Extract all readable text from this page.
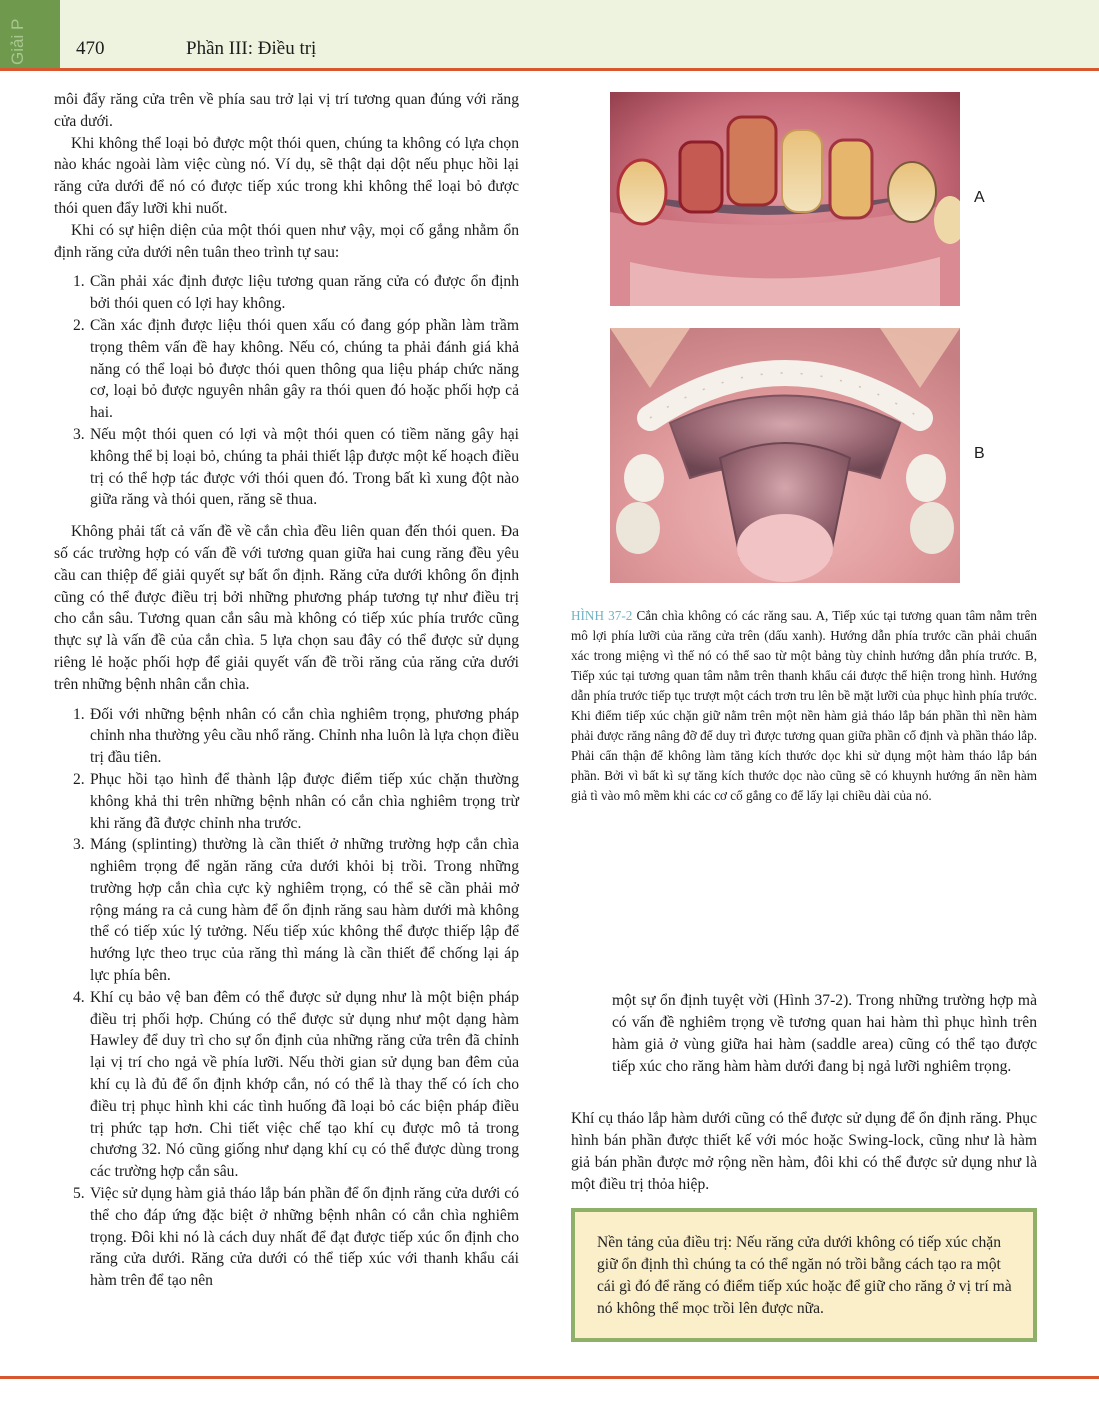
Giải P	470	Phần III: Điều trị

môi đẩy răng cửa trên về phía sau trở lại vị trí tương quan đúng với răng cửa dưới.

Khi không thể loại bỏ được một thói quen, chúng ta không có lựa chọn nào khác ngoài làm việc cùng nó. Ví dụ, sẽ thật dại dột nếu phục hồi lại răng cửa dưới để nó có được tiếp xúc trong khi không thể loại bỏ được thói quen đẩy lưỡi khi nuốt.

Khi có sự hiện diện của một thói quen như vậy, mọi cố gắng nhằm ổn định răng cửa dưới nên tuân theo trình tự sau:

1. Cần phải xác định được liệu tương quan răng cửa có được ổn định bởi thói quen có lợi hay không.
2. Cần xác định được liệu thói quen xấu có đang góp phần làm trầm trọng thêm vấn đề hay không. Nếu có, chúng ta phải đánh giá khả năng có thể loại bỏ được thói quen thông qua liệu pháp chức năng cơ, loại bỏ được nguyên nhân gây ra thói quen đó hoặc phối hợp cả hai.
3. Nếu một thói quen có lợi và một thói quen có tiềm năng gây hại không thể bị loại bỏ, chúng ta phải thiết lập được một kế hoạch điều trị có thể hợp tác được với thói quen đó. Trong bất kì xung đột nào giữa răng và thói quen, răng sẽ thua.

Không phải tất cả vấn đề về cắn chìa đều liên quan đến thói quen. Đa số các trường hợp có vấn đề với tương quan giữa hai cung răng đều yêu cầu can thiệp để giải quyết sự bất ổn định. Răng cửa dưới không ổn định cũng có thể được điều trị bởi những phương pháp tương tự như điều trị cho cắn sâu. Tương quan cắn sâu mà không có tiếp xúc phía trước cũng thực sự là vấn đề của cắn chìa. 5 lựa chọn sau đây có thể được sử dụng riêng lẻ hoặc phối hợp để giải quyết vấn đề trồi răng của răng cửa dưới trên những bệnh nhân cắn chìa.

1. Đối với những bệnh nhân có cắn chìa nghiêm trọng, phương pháp chỉnh nha thường yêu cầu nhổ răng. Chỉnh nha luôn là lựa chọn điều trị đầu tiên.
2. Phục hồi tạo hình để thành lập được điểm tiếp xúc chặn thường không khả thi trên những bệnh nhân có cắn chìa nghiêm trọng trừ khi răng đã được chỉnh nha trước.
3. Máng (splinting) thường là cần thiết ở những trường hợp cắn chìa nghiêm trọng để ngăn răng cửa dưới khỏi bị trồi. Trong những trường hợp cắn chìa cực kỳ nghiêm trọng, có thể sẽ cần phải mở rộng máng ra cả cung hàm để ổn định răng sau hàm dưới mà không thể có tiếp xúc lý tưởng. Nếu tiếp xúc không thể được thiếp lập để hướng lực theo trục của răng thì máng là cần thiết để chống lại áp lực phía bên.
4. Khí cụ bảo vệ ban đêm có thể được sử dụng như là một biện pháp điều trị phối hợp. Chúng có thể được sử dụng như một dạng hàm Hawley để duy trì cho sự ổn định của những răng cửa trên đã chỉnh lại vị trí cho ngả về phía lưỡi. Nếu thời gian sử dụng ban đêm của khí cụ là đủ để ổn định khớp cắn, nó có thể là thay thế có ích cho điều trị phục hình khi các tình huống đã loại bỏ các biện pháp điều trị phức tạp hơn. Chi tiết việc chế tạo khí cụ được mô tả trong chương 32. Nó cũng giống như dạng khí cụ có thể được dùng trong các trường hợp cắn sâu.
5. Việc sử dụng hàm giả tháo lắp bán phần để ổn định răng cửa dưới có thể cho đáp ứng đặc biệt ở những bệnh nhân có cắn chìa nghiêm trọng. Đôi khi nó là cách duy nhất để đạt được tiếp xúc ổn định cho răng cửa dưới. Răng cửa dưới có thể tiếp xúc với thanh khẩu cái hàm trên để tạo nên
A
B
HÌNH 37-2 Cắn chìa không có các răng sau. A, Tiếp xúc tại tương quan tâm nằm trên mô lợi phía lưỡi của răng cửa trên (dấu xanh). Hướng dẫn phía trước cần phải chuẩn xác trong miệng vì thế nó có thể sao từ một bảng tùy chỉnh hướng dẫn phía trước. B, Tiếp xúc tại tương quan tâm nằm trên thanh khẩu cái được thể hiện trong hình. Hướng dẫn phía trước tiếp tục trượt một cách trơn tru lên bề mặt lưỡi của phục hình phía trước. Khi điểm tiếp xúc chặn giữ nằm trên một nền hàm giả tháo lắp bán phần thì nền hàm phải được răng nâng đỡ để duy trì được tương quan giữa phần cố định và phần tháo lắp. Phải cẩn thận để không làm tăng kích thước dọc khi sử dụng một hàm tháo lắp bán phần. Bởi vì bất kì sự tăng kích thước dọc nào cũng sẽ có khuynh hướng ấn nền hàm giả tì vào mô mềm khi các cơ cố gắng co để lấy lại chiều dài của nó.
một sự ổn định tuyệt vời (Hình 37-2). Trong những trường hợp mà có vấn đề nghiêm trọng về tương quan hai hàm thì phục hình trên hàm giả ở vùng giữa hai hàm (saddle area) cũng có thể tạo được tiếp xúc cho răng hàm hàm dưới đang bị ngả lưỡi nghiêm trọng.
Khí cụ tháo lắp hàm dưới cũng có thể được sử dụng để ổn định răng. Phục hình bán phần được thiết kế với móc hoặc Swing-lock, cũng như là hàm giả bán phần được mở rộng nền hàm, đôi khi có thể được sử dụng như là một điều trị thỏa hiệp.
Nền tảng của điều trị: Nếu răng cửa dưới không có tiếp xúc chặn giữ ổn định thì chúng ta có thể ngăn nó trồi bằng cách tạo ra một cái gì đó để răng có điểm tiếp xúc hoặc để giữ cho răng ở vị trí mà nó không thể mọc trồi lên được nữa.
